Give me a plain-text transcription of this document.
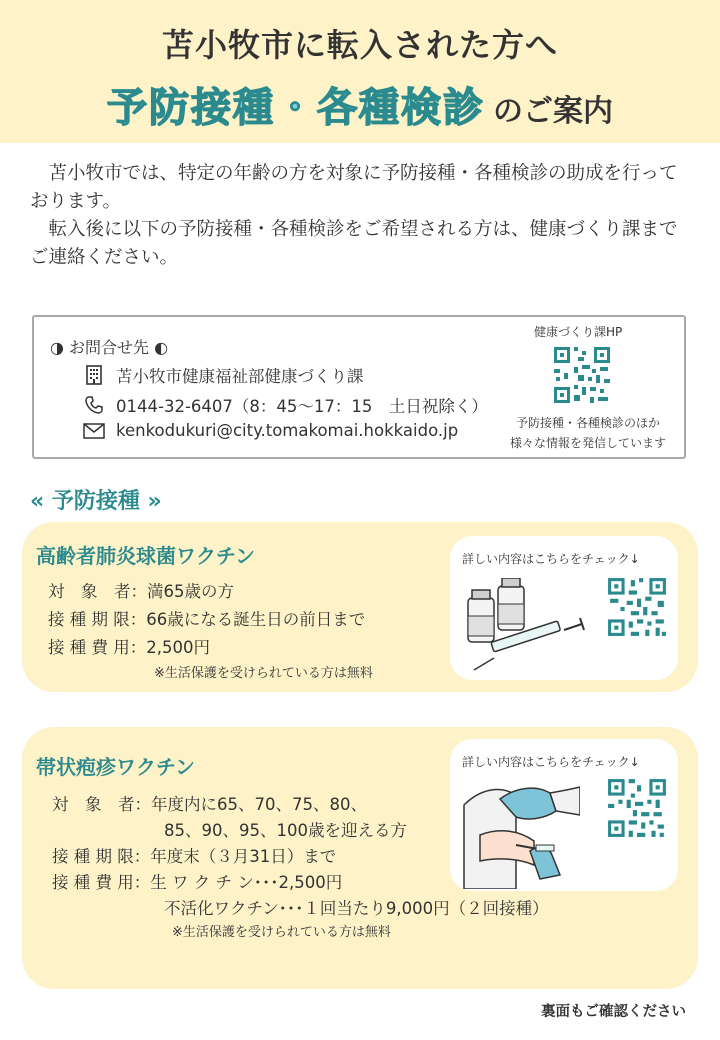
苫小牧市に転入された方へ
予防接種・各種検診 のご案内

苫小牧市では、特定の年齢の方を対象に予防接種・各種検診の助成を行っております。

転入後に以下の予防接種・各種検診をご希望される方は、健康づくり課までご連絡ください。

◑ お問合せ先 ◐
苫小牧市健康福祉部健康づくり課
0144-32-6407（8：45～17：15　土日祝除く）
kenkodukuri@city.tomakomai.hokkaido.jp
健康づくり課HP
予防接種・各種検診のほか
様々な情報を発信しています
« 予防接種 »
高齢者肺炎球菌ワクチン
対　象　者：満65歳の方
接 種 期 限：66歳になる誕生日の前日まで
接 種 費 用：2,500円
※生活保護を受けられている方は無料
詳しい内容はこちらをチェック↓
帯状疱疹ワクチン
対　象　者：年度内に65、70、75、80、
85、90、95、100歳を迎える方
接 種 期 限：年度末（３月31日）まで
接 種 費 用：生 ワ ク チ ン･･･2,500円
不活化ワクチン･･･１回当たり9,000円（２回接種）
※生活保護を受けられている方は無料
詳しい内容はこちらをチェック↓
裏面もご確認ください
